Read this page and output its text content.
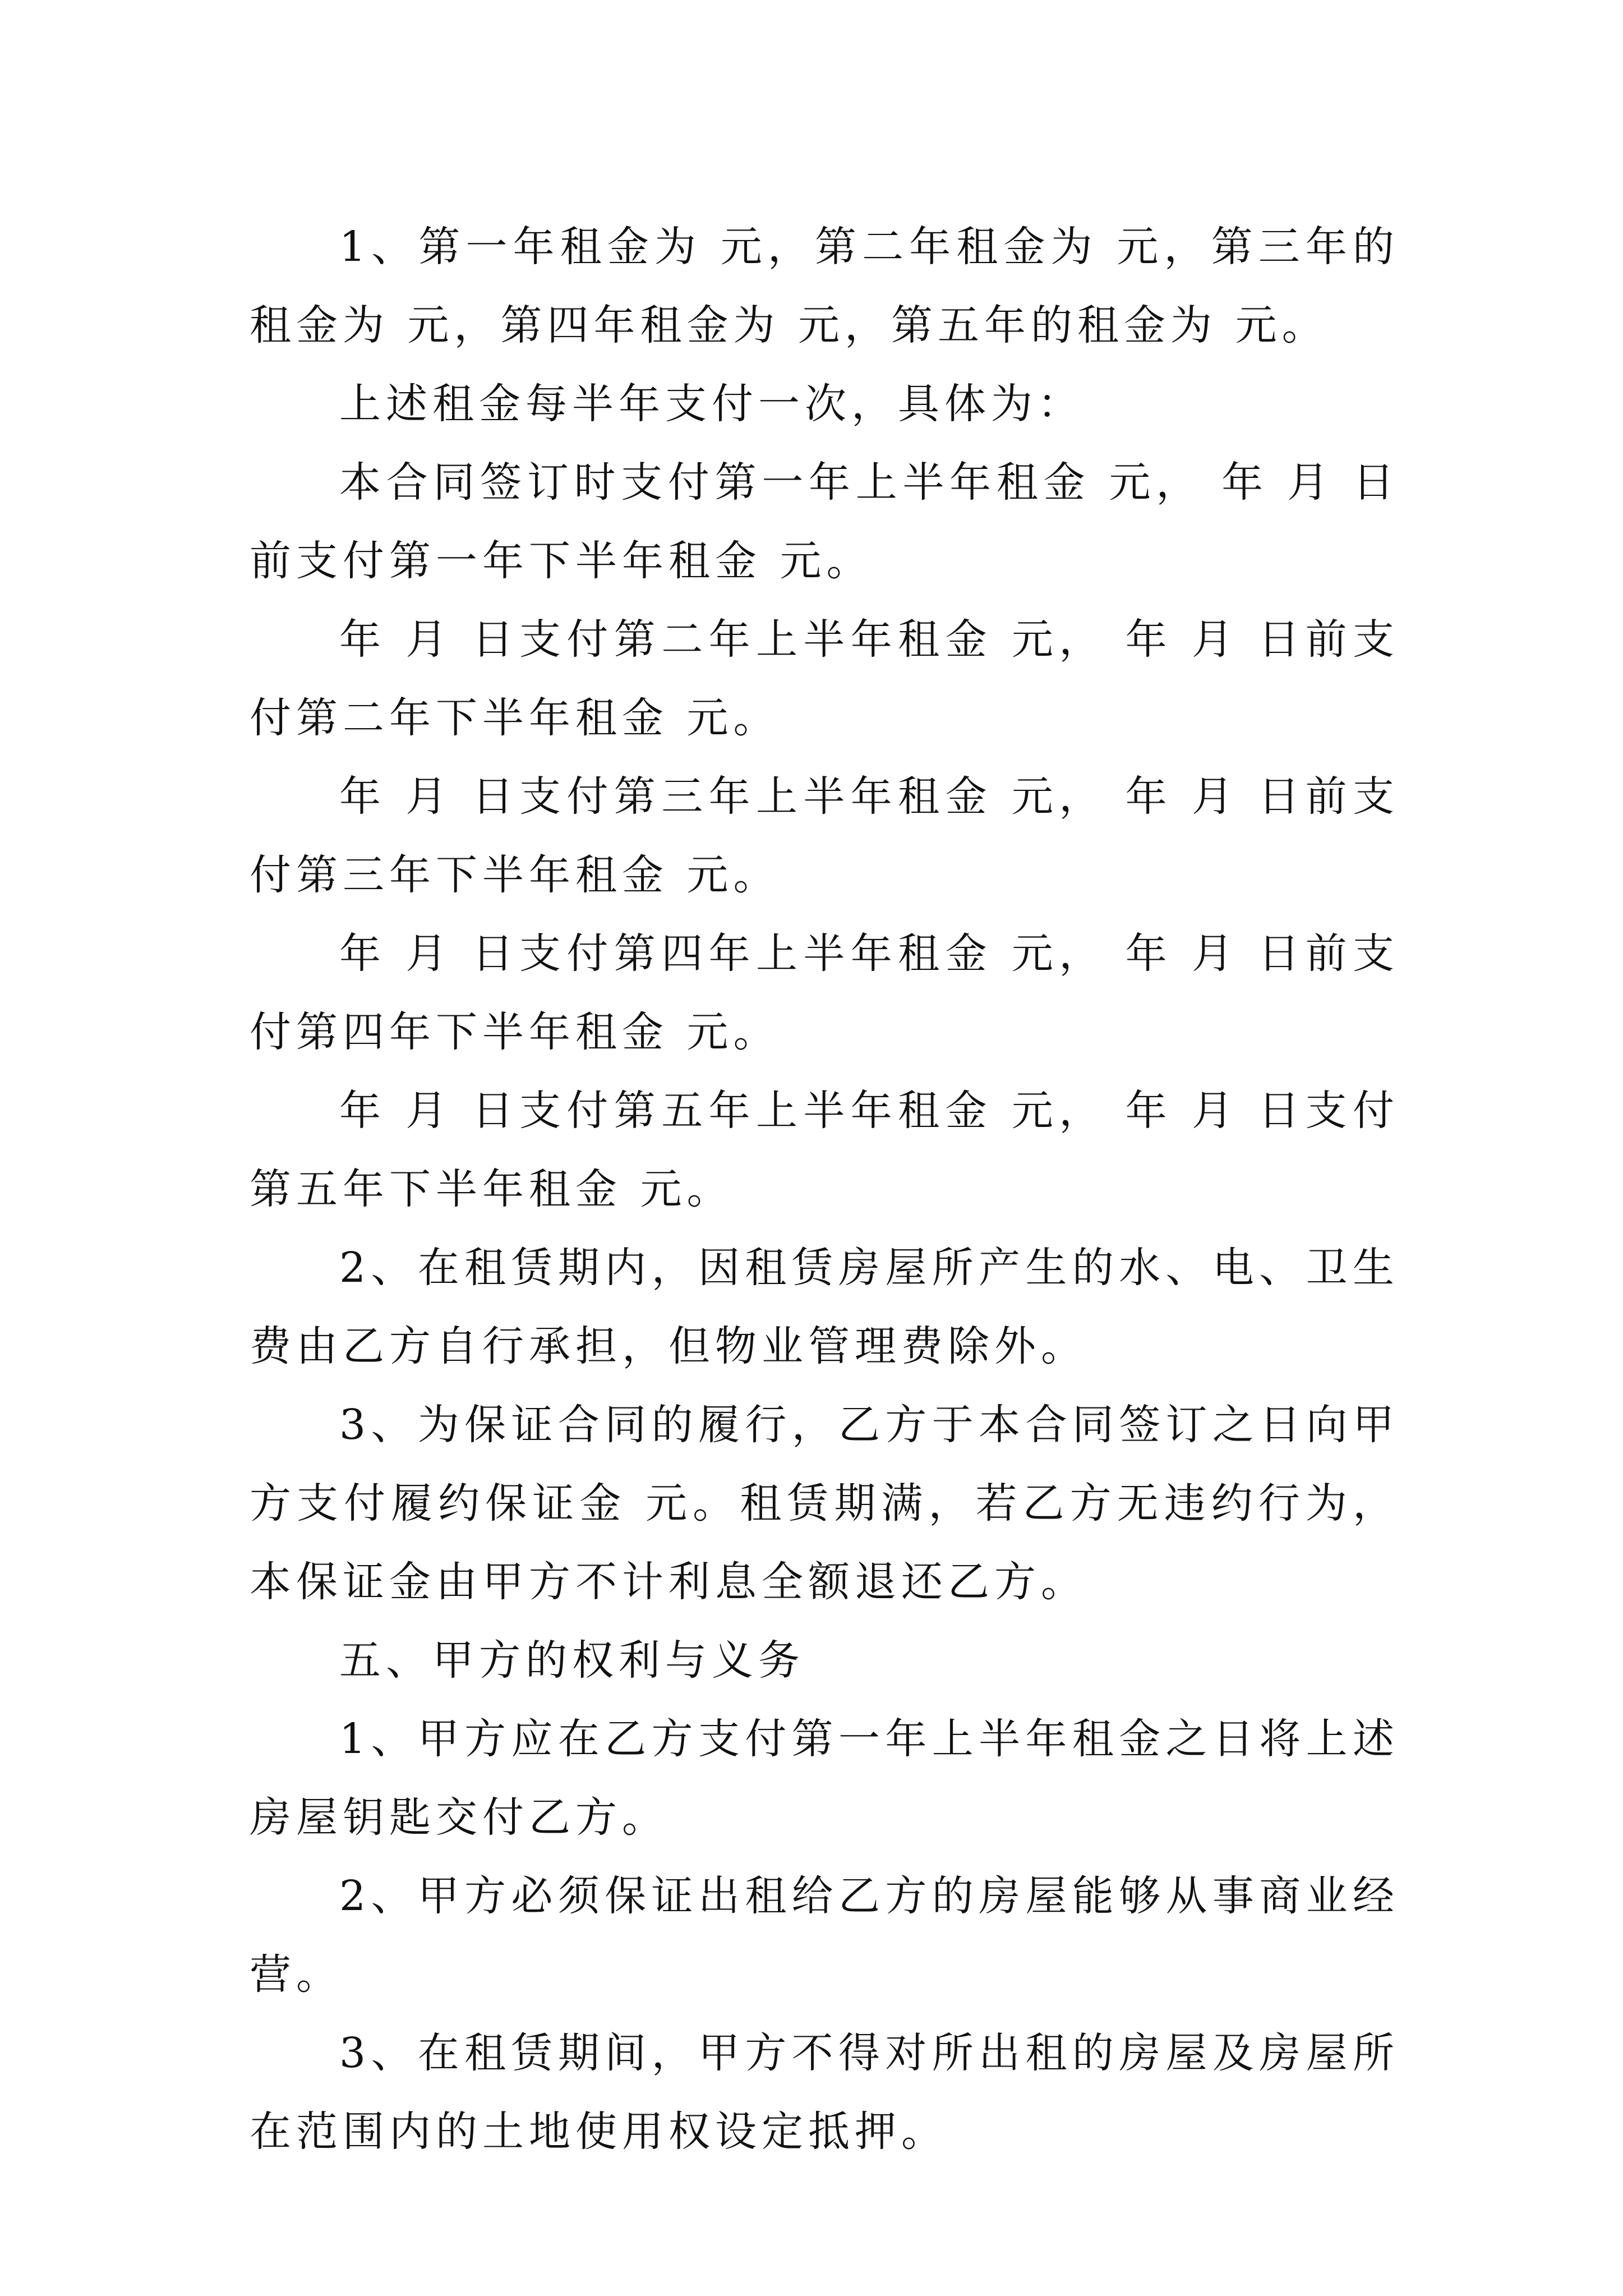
1、第一年租金为 元，第二年租金为 元，第三年的租金为 元，第四年租金为 元，第五年的租金为 元。

上述租金每半年支付一次，具体为：

本合同签订时支付第一年上半年租金 元， 年 月 日前支付第一年下半年租金 元。

年 月 日支付第二年上半年租金 元， 年 月 日前支付第二年下半年租金 元。

年 月 日支付第三年上半年租金 元， 年 月 日前支付第三年下半年租金 元。

年 月 日支付第四年上半年租金 元， 年 月 日前支付第四年下半年租金 元。

年 月 日支付第五年上半年租金 元， 年 月 日支付第五年下半年租金 元。

2、在租赁期内，因租赁房屋所产生的水、电、卫生费由乙方自行承担，但物业管理费除外。

3、为保证合同的履行，乙方于本合同签订之日向甲方支付履约保证金 元。租赁期满，若乙方无违约行为，本保证金由甲方不计利息全额退还乙方。

五、甲方的权利与义务

1、甲方应在乙方支付第一年上半年租金之日将上述房屋钥匙交付乙方。

2、甲方必须保证出租给乙方的房屋能够从事商业经营。

3、在租赁期间，甲方不得对所出租的房屋及房屋所在范围内的土地使用权设定抵押。
